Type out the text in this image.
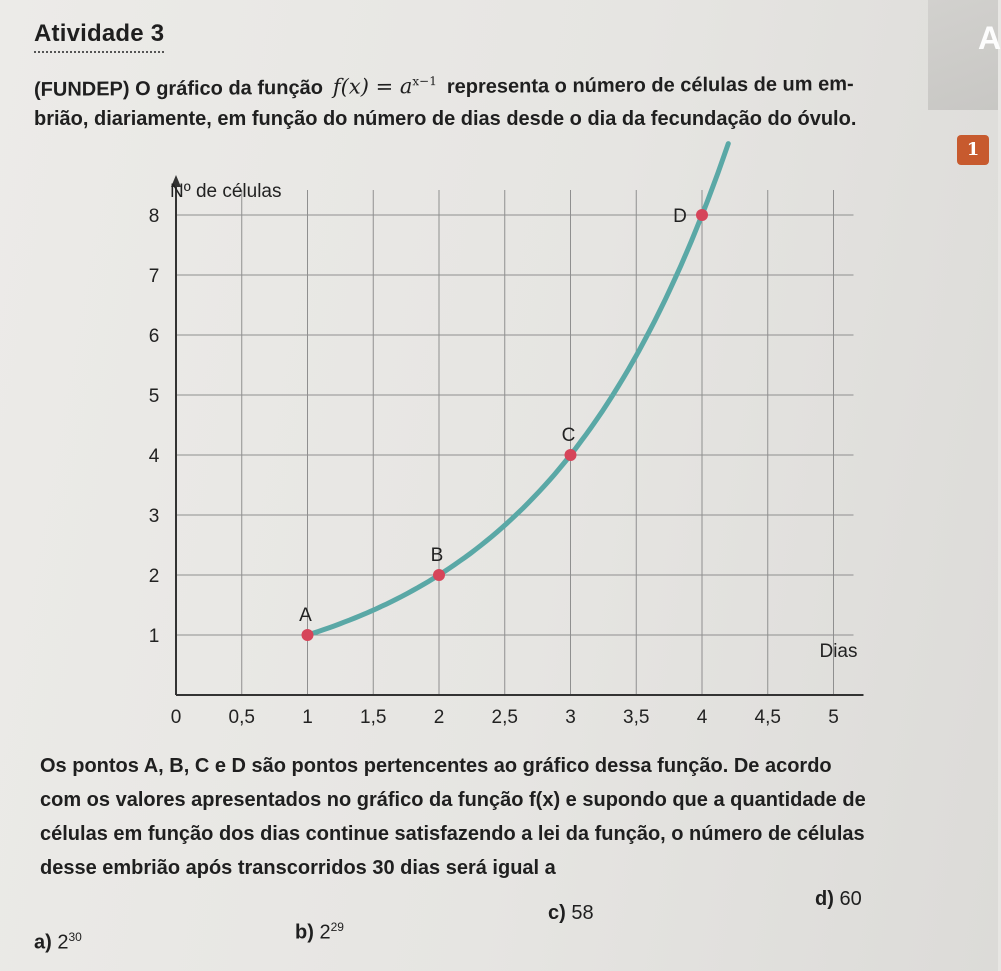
A
Atividade 3
1
(FUNDEP) O gráfico da função $f(x) = a^{x-1}$ representa o número de células de um em-
brião, diariamente, em função do número de dias desde o dia da fecundação do óvulo.
0 0,5 1 1,5 2 2,5 3 3,5 4 4,5 5
1
2
3
4
5
6
7
8
Nº de células
Dias
A
B
C
D
Os pontos A, B, C e D são pontos pertencentes ao gráfico dessa função. De acordo
com os valores apresentados no gráfico da função f(x) e supondo que a quantidade de
células em função dos dias continue satisfazendo a lei da função, o número de células
desse embrião após transcorridos 30 dias será igual a
a) $2^{30}$	b) $2^{29}$
c) 58
d) 60
